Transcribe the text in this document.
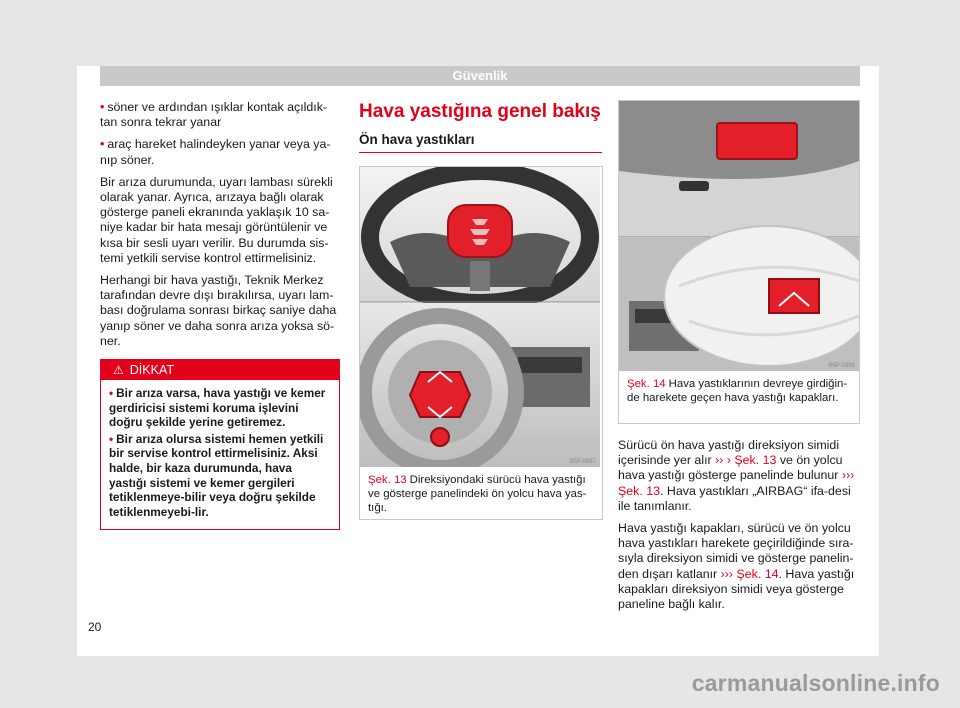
Güvenlik

• söner ve ardından ışıklar kontak açıldık-tan sonra tekrar yanar

• araç hareket halindeyken yanar veya ya-nıp söner.

Bir arıza durumunda, uyarı lambası sürekli olarak yanar. Ayrıca, arızaya bağlı olarak gösterge paneli ekranında yaklaşık 10 sa-niye kadar bir hata mesajı görüntülenir ve kısa bir sesli uyarı verilir. Bu durumda sis-temi yetkili servise kontrol ettirmelisiniz.

Herhangi bir hava yastığı, Teknik Merkez tarafından devre dışı bırakılırsa, uyarı lam-bası doğrulama sonrası birkaç saniye daha yanıp söner ve daha sonra arıza yoksa sö-ner.

⚠ DİKKAT

• Bir arıza varsa, hava yastığı ve kemer gerdiricisi sistemi koruma işlevini doğru şekilde yerine getiremez.

• Bir arıza olursa sistemi hemen yetkili bir servise kontrol ettirmelisiniz. Aksi halde, bir kaza durumunda, hava yastığı sistemi ve kemer gergileri tetiklenmeye-bilir veya doğru şekilde tetiklenmeyebi-lir.

Hava yastığına genel bakış
Ön hava yastıkları
B5P-0967
Şek. 13 Direksiyondaki sürücü hava yastığı ve gösterge panelindeki ön yolcu hava yas-tığı.
B5P-0968
Şek. 14 Hava yastıklarının devreye girdiğin-de harekete geçen hava yastığı kapakları.

Sürücü ön hava yastığı direksiyon simidi içerisinde yer alır ›› › Şek. 13 ve ön yolcu hava yastığı gösterge panelinde bulunur ››› Şek. 13. Hava yastıkları „AIRBAG“ ifa-desi ile tanımlanır.

Hava yastığı kapakları, sürücü ve ön yolcu hava yastıkları harekete geçirildiğinde sıra-sıyla direksiyon simidi ve gösterge panelin-den dışarı katlanır ››› Şek. 14. Hava yastığı kapakları direksiyon simidi veya gösterge paneline bağlı kalır.

20
carmanualsonline.info
